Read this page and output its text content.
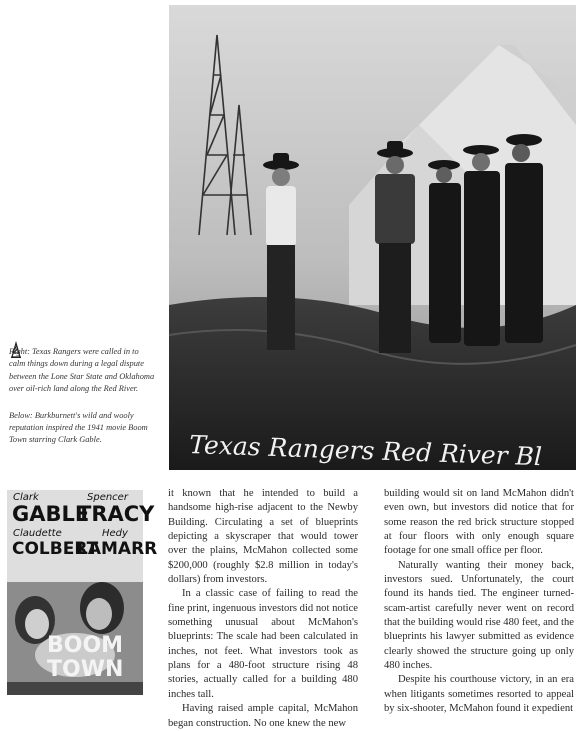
Texas Rangers Red River Bl

Right: Texas Rangers were called in to calm things down during a legal dispute between the Lone Star State and Oklahoma over oil-rich land along the Red River.

Below: Burkburnett's wild and wooly reputation inspired the 1941 movie Boom Town starring Clark Gable.

Clark
GABLE
Spencer
TRACY
Claudette
COLBERT
Hedy
LAMARR
BOOM
TOWN

it known that he intended to build a handsome high-rise adjacent to the Newby Building. Circulating a set of blueprints depicting a skyscraper that would tower over the plains, McMahon collected some $200,000 (roughly $2.8 million in today's dollars) from investors.

In a classic case of failing to read the fine print, ingenuous investors did not notice something unusual about McMahon's blueprints: The scale had been calculated in inches, not feet. What investors took as plans for a 480-foot structure rising 48 stories, actually called for a building 480 inches tall.

Having raised ample capital, McMahon began construction. No one knew the new

building would sit on land McMahon didn't even own, but investors did notice that for some reason the red brick structure stopped at four floors with only enough square footage for one small office per floor.

Naturally wanting their money back, investors sued. Unfortunately, the court found its hands tied. The engineer turned-scam-artist carefully never went on record that the building would rise 480 feet, and the blueprints his lawyer submitted as evidence clearly showed the structure going up only 480 inches.

Despite his courthouse victory, in an era when litigants sometimes resorted to appeal by six-shooter, McMahon found it expedient
